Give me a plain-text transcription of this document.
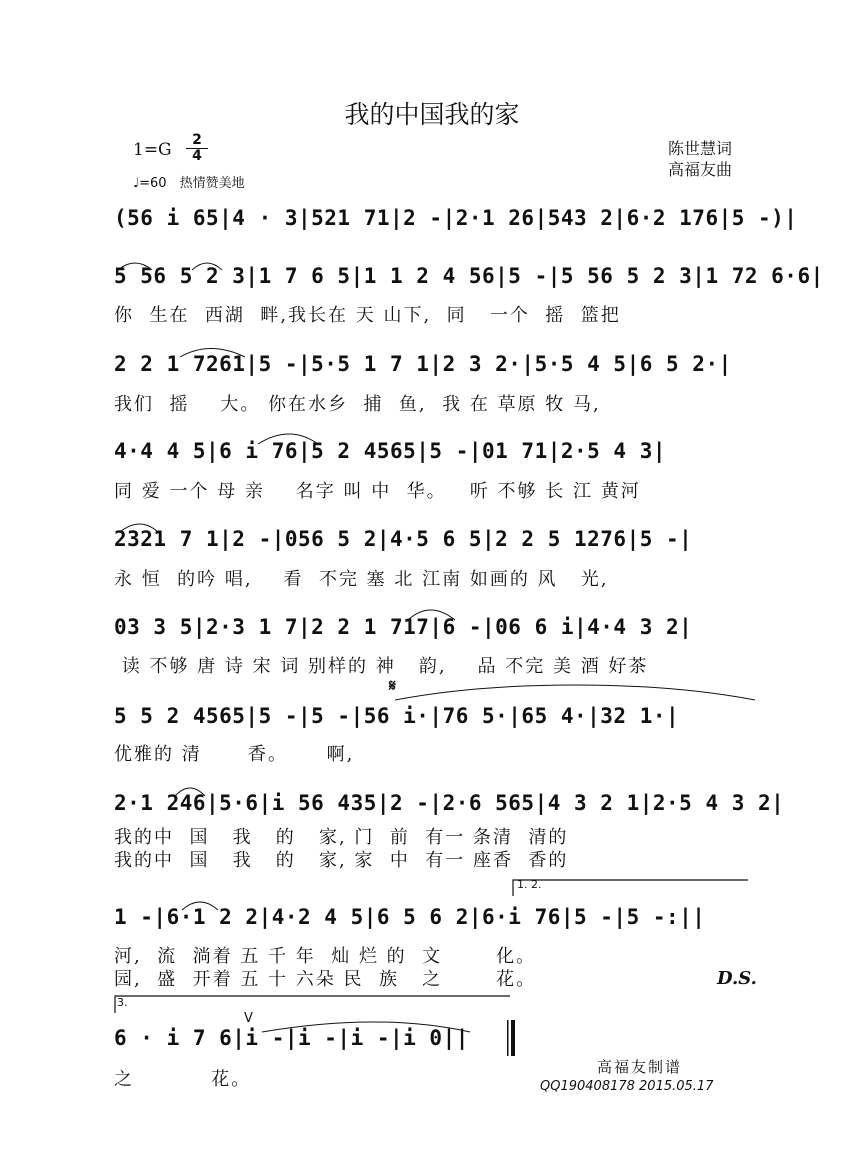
我的中国我的家
$1=G \frac{2}{4}$
♩=60　热情赞美地
陈世慧词
高福友曲
(56 i 65|4 · 3|521 71|2 -|2·1 26|543 2|6·2 176|5 -)|
5 56 5 2 3|1 7 6 5|1 1 2 4 56|5 -|5 56 5 2 3|1 72 6·6|
你  生在  西湖  畔,我长在 天 山下,  同   一个  摇  篮把
2 2 1 7261|5 -|5·5 1 7 1|2 3 2·|5·5 4 5|6 5 2·|
我们  摇    大。 你在水乡  捕  鱼,  我 在 草原 牧 马,
4·4 4 5|6 i 76|5 2 4565|5 -|01 71|2·5 4 3|
同 爱 一个 母 亲    名字 叫 中  华。   听 不够 长 江 黄河
2321 7 1|2 -|056 5 2|4·5 6 5|2 2 5 1276|5 -|
永 恒  的吟 唱,    看  不完 塞 北 江南 如画的 风   光,
03 3 5|2·3 1 7|2 2 1 717|6 -|06 6 i|4·4 3 2|
读 不够 唐 诗 宋 词 别样的 神   韵,    品 不完 美 酒 好茶
𝄋
5 5 2 4565|5 -|5 -|56 i·|76 5·|65 4·|32 1·|
优雅的 清      香。     啊,
2·1 246|5·6|i 56 435|2 -|2·6 565|4 3 2 1|2·5 4 3 2|
我的中  国   我   的   家, 门  前  有一 条清  清的
我的中  国   我   的   家, 家  中  有一 座香  香的
1. 2.
1 -|6·1 2 2|4·2 4 5|6 5 6 2|6·i 76|5 -|5 -:||
河,  流  淌着 五 千 年  灿 烂 的  文       化。
园,  盛  开着 五 十 六朵 民  族   之       花。	D.S.
3.
V
6 · i 7 6|i -|i -|i -|i 0||
之          花。
高福友制谱
QQ190408178 2015.05.17
